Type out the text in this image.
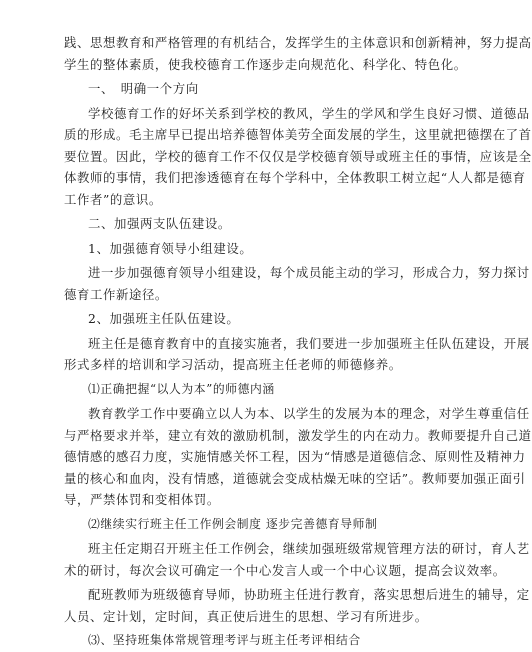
践、思想教育和严格管理的有机结合，发挥学生的主体意识和创新精神，努力提高
学生的整体素质，使我校德育工作逐步走向规范化、科学化、特色化。
一、　明确一个方向
学校德育工作的好坏关系到学校的教风，学生的学风和学生良好习惯、道德品
质的形成。毛主席早已提出培养德智体美劳全面发展的学生，这里就把德摆在了首
要位置。因此，学校的德育工作不仅仅是学校德育领导或班主任的事情，应该是全
体教师的事情，我们把渗透德育在每个学科中，全体教职工树立起“人人都是德育
工作者”的意识。
二、加强两支队伍建设。
1、加强德育领导小组建设。
进一步加强德育领导小组建设，每个成员能主动的学习，形成合力，努力探讨
德育工作新途径。
2、加强班主任队伍建设。
班主任是德育教育中的直接实施者，我们要进一步加强班主任队伍建设，开展
形式多样的培训和学习活动，提高班主任老师的师德修养。
⑴正确把握“以人为本”的师德内涵
教育教学工作中要确立以人为本、以学生的发展为本的理念，对学生尊重信任
与严格要求并举，建立有效的激励机制，激发学生的内在动力。教师要提升自己道
德情感的感召力度，实施情感关怀工程，因为“情感是道德信念、原则性及精神力
量的核心和血肉，没有情感，道德就会变成枯燥无味的空话”。教师要加强正面引
导，严禁体罚和变相体罚。
⑵继续实行班主任工作例会制度 逐步完善德育导师制
班主任定期召开班主任工作例会，继续加强班级常规管理方法的研讨，育人艺
术的研讨，每次会议可确定一个中心发言人或一个中心议题，提高会议效率。
配班教师为班级德育导师，协助班主任进行教育，落实思想后进生的辅导，定
人员、定计划，定时间，真正使后进生的思想、学习有所进步。
⑶、坚持班集体常规管理考评与班主任考评相结合
